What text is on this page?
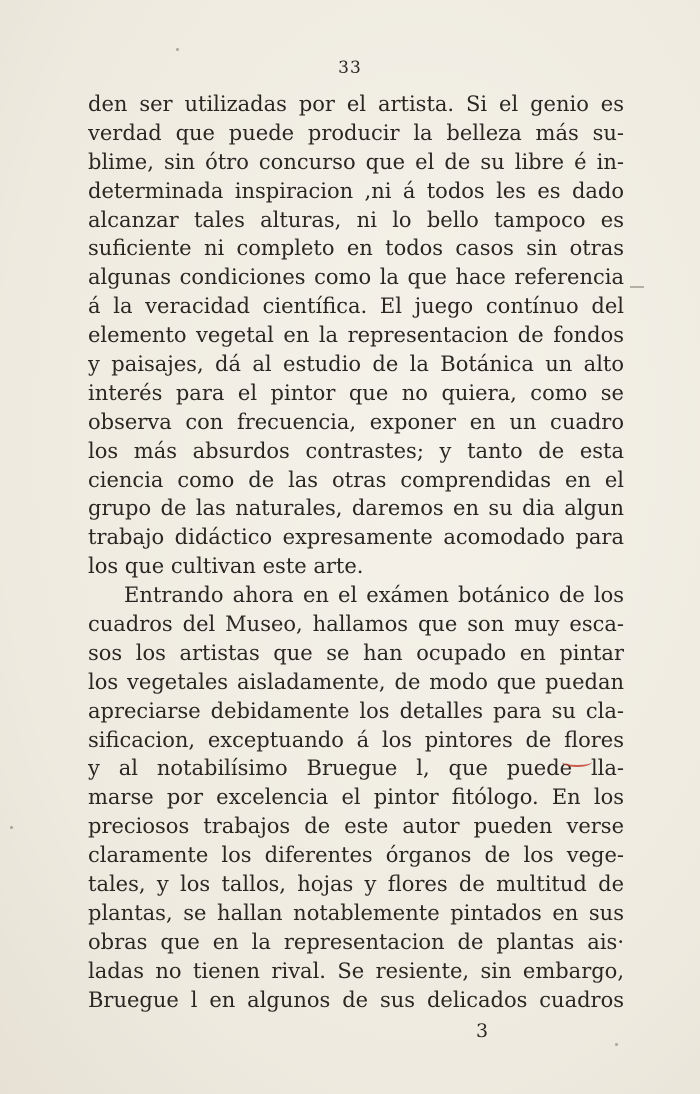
33
den ser utilizadas por el artista. Si el genio es
verdad que puede producir la belleza más su-
blime, sin ótro concurso que el de su libre é in-
determinada inspiracion ,ni á todos les es dado
alcanzar tales alturas, ni lo bello tampoco es
suficiente ni completo en todos casos sin otras
algunas condiciones como la que hace referencia
á la veracidad científica. El juego contínuo del
elemento vegetal en la representacion de fondos
y paisajes, dá al estudio de la Botánica un alto
interés para el pintor que no quiera, como se
observa con frecuencia, exponer en un cuadro
los más absurdos contrastes; y tanto de esta
ciencia como de las otras comprendidas en el
grupo de las naturales, daremos en su dia algun
trabajo didáctico expresamente acomodado para
los que cultivan este arte.
Entrando ahora en el exámen botánico de los
cuadros del Museo, hallamos que son muy esca-
sos los artistas que se han ocupado en pintar
los vegetales aisladamente, de modo que puedan
apreciarse debidamente los detalles para su cla-
sificacion, exceptuando á los pintores de flores
y al notabilísimo Bruegue l, que puede lla-
marse por excelencia el pintor fitólogo. En los
preciosos trabajos de este autor pueden verse
claramente los diferentes órganos de los vege-
tales, y los tallos, hojas y flores de multitud de
plantas, se hallan notablemente pintados en sus
obras que en la representacion de plantas ais·
ladas no tienen rival. Se resiente, sin embargo,
Bruegue l en algunos de sus delicados cuadros
3
